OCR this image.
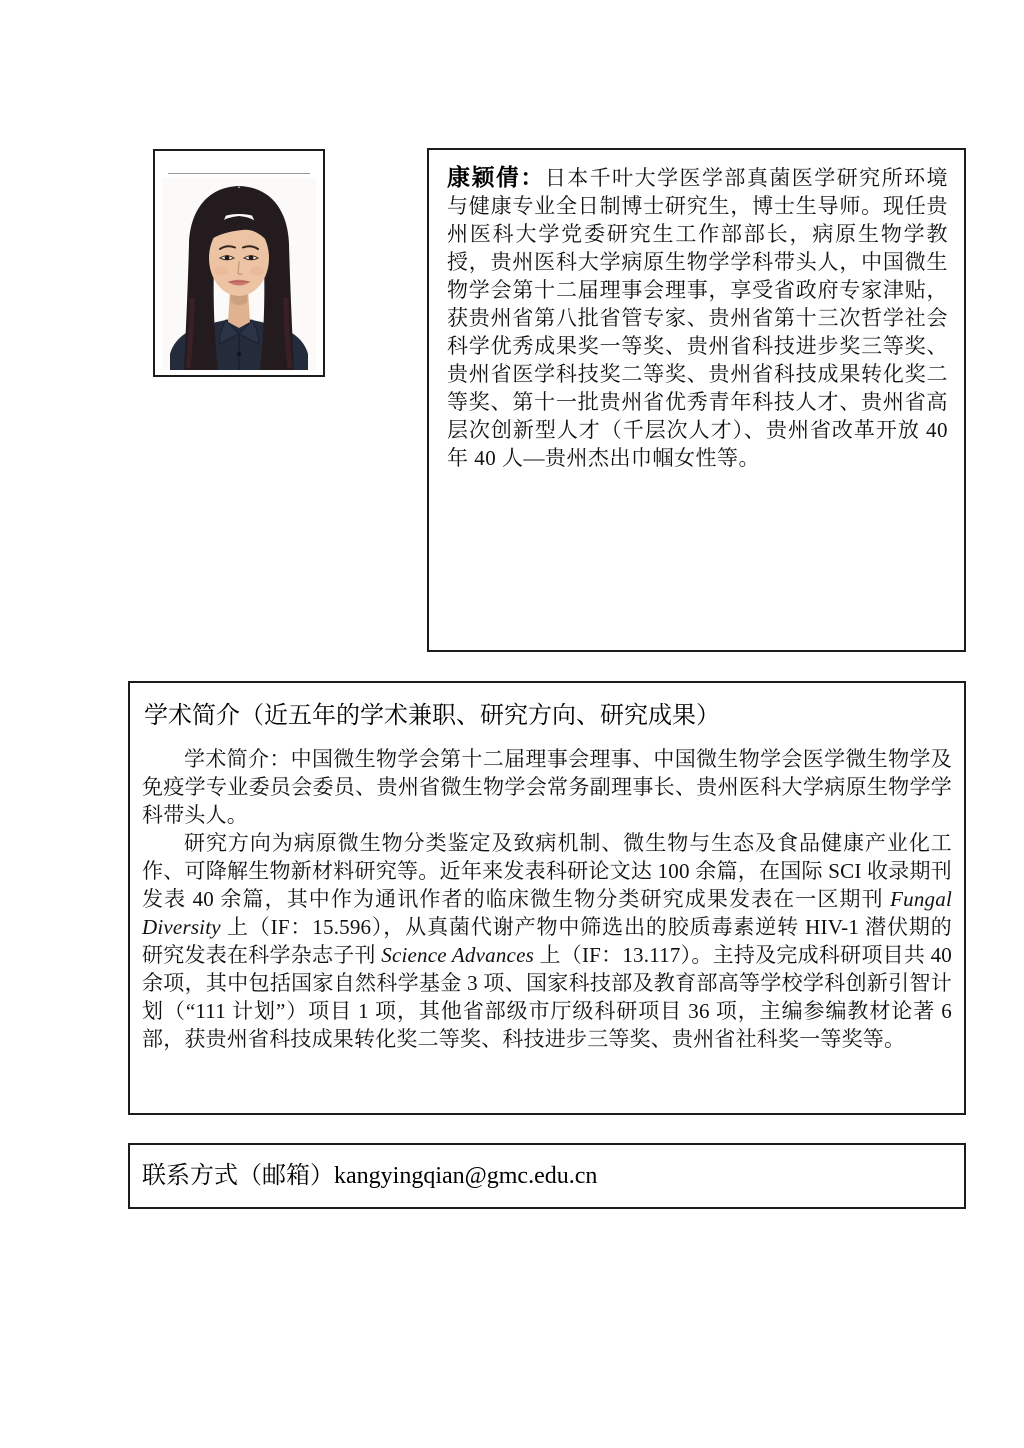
康颖倩：日本千叶大学医学部真菌医学研究所环境与健康专业全日制博士研究生，博士生导师。现任贵州医科大学党委研究生工作部部长，病原生物学教授，贵州医科大学病原生物学学科带头人，中国微生物学会第十二届理事会理事，享受省政府专家津贴，获贵州省第八批省管专家、贵州省第十三次哲学社会科学优秀成果奖一等奖、贵州省科技进步奖三等奖、贵州省医学科技奖二等奖、贵州省科技成果转化奖二等奖、第十一批贵州省优秀青年科技人才、贵州省高层次创新型人才（千层次人才）、贵州省改革开放 40 年 40 人—贵州杰出巾帼女性等。

学术简介（近五年的学术兼职、研究方向、研究成果）

学术简介：中国微生物学会第十二届理事会理事、中国微生物学会医学微生物学及免疫学专业委员会委员、贵州省微生物学会常务副理事长、贵州医科大学病原生物学学科带头人。

研究方向为病原微生物分类鉴定及致病机制、微生物与生态及食品健康产业化工作、可降解生物新材料研究等。近年来发表科研论文达 100 余篇，在国际 SCI 收录期刊发表 40 余篇，其中作为通讯作者的临床微生物分类研究成果发表在一区期刊 Fungal Diversity 上（IF：15.596），从真菌代谢产物中筛选出的胶质毒素逆转 HIV-1 潜伏期的研究发表在科学杂志子刊 Science Advances 上（IF：13.117）。主持及完成科研项目共 40 余项，其中包括国家自然科学基金 3 项、国家科技部及教育部高等学校学科创新引智计划（“111 计划”）项目 1 项，其他省部级市厅级科研项目 36 项，主编参编教材论著 6 部，获贵州省科技成果转化奖二等奖、科技进步三等奖、贵州省社科奖一等奖等。

联系方式（邮箱）kangyingqian@gmc.edu.cn
